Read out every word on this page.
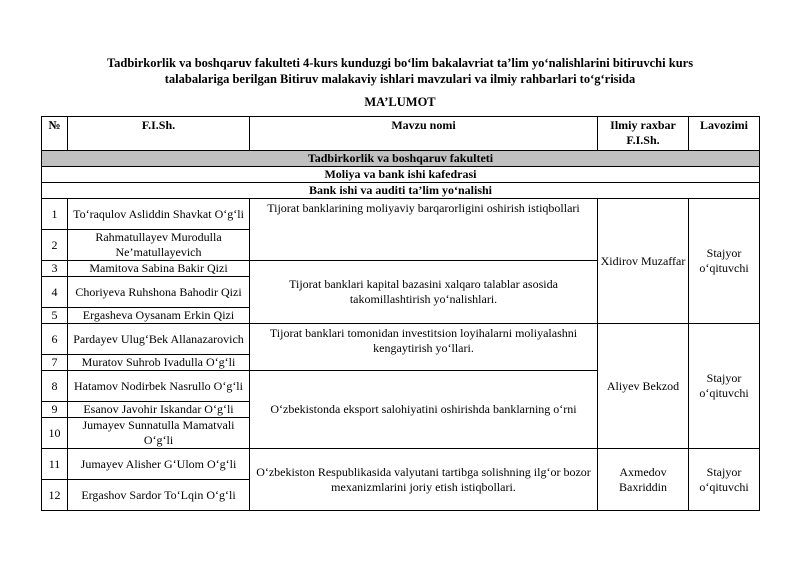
Tadbirkorlik va boshqaruv fakulteti 4-kurs kunduzgi bo‘lim bakalavriat ta’lim yo‘nalishlarini bitiruvchi kurs
talabalariga berilgan Bitiruv malakaviy ishlari mavzulari va ilmiy rahbarlari to‘g‘risida
MA’LUMOT
№	F.I.Sh.	Mavzu nomi	Ilmiy raxbar F.I.Sh.	Lavozimi
Tadbirkorlik va boshqaruv fakulteti				
Moliya va bank ishi kafedrasi				
Bank ishi va auditi ta’lim yo‘nalishi				
1	To‘raqulov Asliddin Shavkat O‘g‘li	Tijorat banklarining moliyaviy barqarorligini oshirish istiqbollari	Xidirov Muzaffar	Stajyor o‘qituvchi
2	Rahmatullayev Murodulla Ne’matullayevich			
3	Mamitova Sabina Bakir Qizi	Tijorat banklari kapital bazasini xalqaro talablar asosida takomillashtirish yo‘nalishlari.		
4	Choriyeva Ruhshona Bahodir Qizi			
5	Ergasheva Oysanam Erkin Qizi			
6	Pardayev Ulug‘Bek Allanazarovich	Tijorat banklari tomonidan investitsion loyihalarni moliyalashni kengaytirish yo‘llari.	Aliyev Bekzod	Stajyor o‘qituvchi
7	Muratov Suhrob Ivadulla O‘g‘li			
8	Hatamov Nodirbek Nasrullo O‘g‘li	O‘zbekistonda eksport salohiyatini oshirishda banklarning o‘rni		
9	Esanov Javohir Iskandar O‘g‘li			
10	Jumayev Sunnatulla Mamatvali O‘g‘li			
11	Jumayev Alisher G‘Ulom O‘g‘li	O‘zbekiston Respublikasida valyutani tartibga solishning ilg‘or bozor mexanizmlarini joriy etish istiqbollari.	Axmedov Baxriddin	Stajyor o‘qituvchi
12	Ergashov Sardor To‘Lqin O‘g‘li			
